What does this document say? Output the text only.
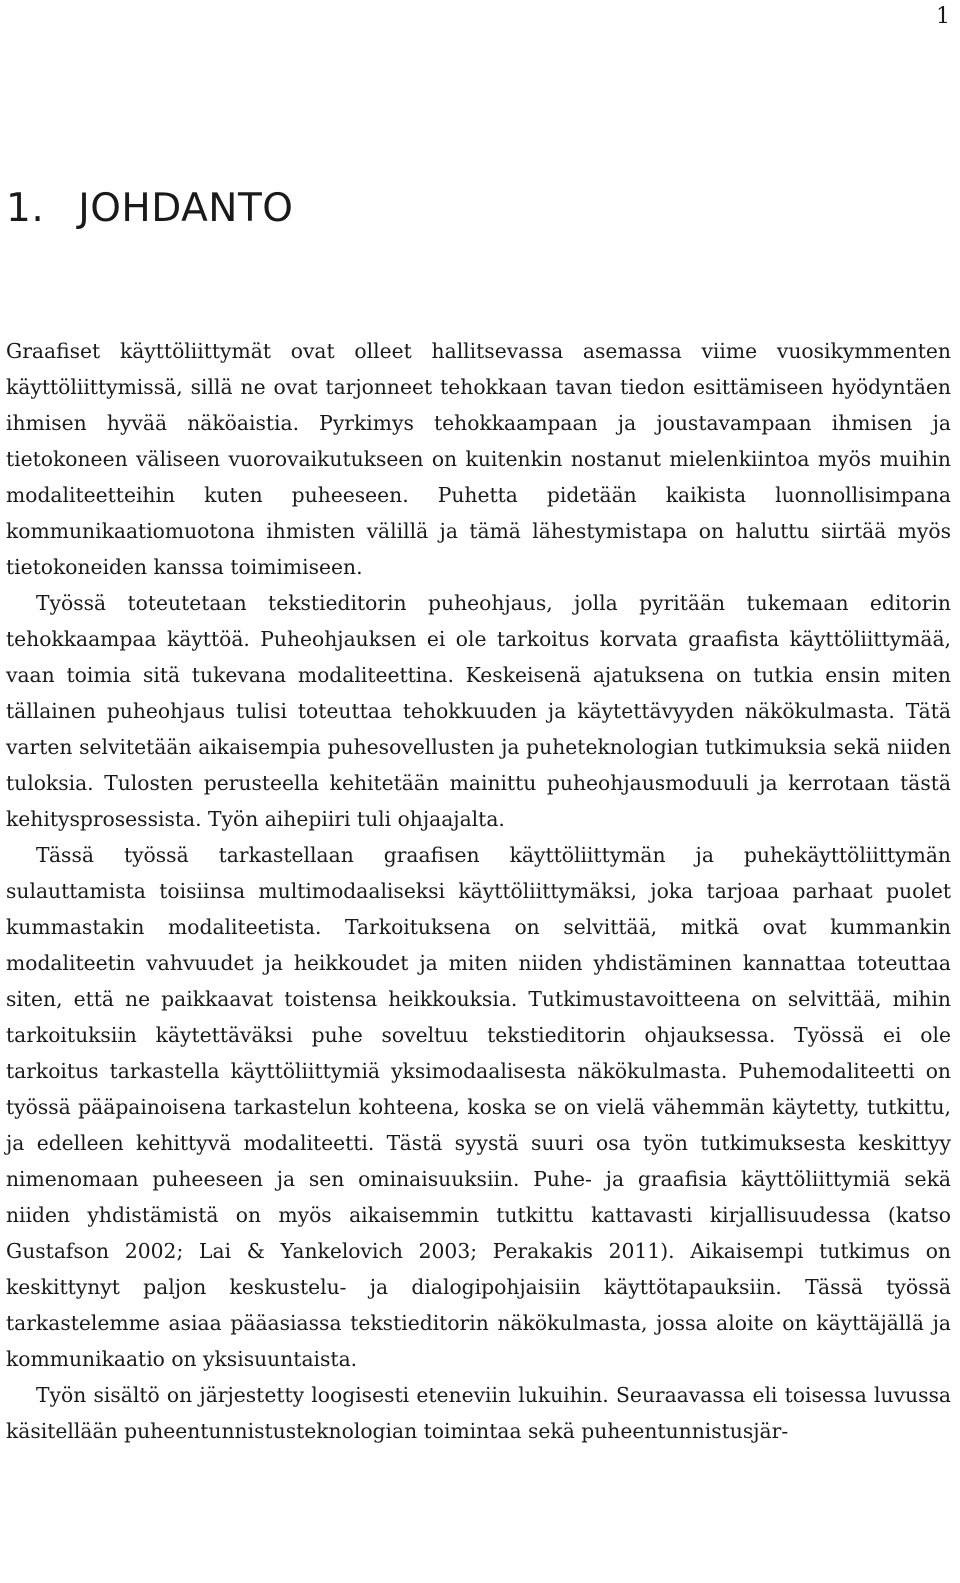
1
1. JOHDANTO

Graafiset käyttöliittymät ovat olleet hallitsevassa asemassa viime vuosikymmenten käyttöliittymissä, sillä ne ovat tarjonneet tehokkaan tavan tiedon esittämiseen hyödyntäen ihmisen hyvää näköaistia. Pyrkimys tehokkaampaan ja joustavampaan ihmisen ja tietokoneen väliseen vuorovaikutukseen on kuitenkin nostanut mielenkiintoa myös muihin modaliteetteihin kuten puheeseen. Puhetta pidetään kaikista luonnollisimpana kommunikaatiomuotona ihmisten välillä ja tämä lähestymistapa on haluttu siirtää myös tietokoneiden kanssa toimimiseen.

Työssä toteutetaan tekstieditorin puheohjaus, jolla pyritään tukemaan editorin tehokkaampaa käyttöä. Puheohjauksen ei ole tarkoitus korvata graafista käyttöliittymää, vaan toimia sitä tukevana modaliteettina. Keskeisenä ajatuksena on tutkia ensin miten tällainen puheohjaus tulisi toteuttaa tehokkuuden ja käytettävyyden näkökulmasta. Tätä varten selvitetään aikaisempia puhesovellusten ja puheteknologian tutkimuksia sekä niiden tuloksia. Tulosten perusteella kehitetään mainittu puheohjausmoduuli ja kerrotaan tästä kehitysprosessista. Työn aihepiiri tuli ohjaajalta.

Tässä työssä tarkastellaan graafisen käyttöliittymän ja puhekäyttöliittymän sulauttamista toisiinsa multimodaaliseksi käyttöliittymäksi, joka tarjoaa parhaat puolet kummastakin modaliteetista. Tarkoituksena on selvittää, mitkä ovat kummankin modaliteetin vahvuudet ja heikkoudet ja miten niiden yhdistäminen kannattaa toteuttaa siten, että ne paikkaavat toistensa heikkouksia. Tutkimustavoitteena on selvittää, mihin tarkoituksiin käytettäväksi puhe soveltuu tekstieditorin ohjauksessa. Työssä ei ole tarkoitus tarkastella käyttöliittymiä yksimodaalisesta näkökulmasta. Puhemodaliteetti on työssä pääpainoisena tarkastelun kohteena, koska se on vielä vähemmän käytetty, tutkittu, ja edelleen kehittyvä modaliteetti. Tästä syystä suuri osa työn tutkimuksesta keskittyy nimenomaan puheeseen ja sen ominaisuuksiin. Puhe- ja graafisia käyttöliittymiä sekä niiden yhdistämistä on myös aikaisemmin tutkittu kattavasti kirjallisuudessa (katso Gustafson 2002; Lai & Yankelovich 2003; Perakakis 2011). Aikaisempi tutkimus on keskittynyt paljon keskustelu- ja dialogipohjaisiin käyttötapauksiin. Tässä työssä tarkastelemme asiaa pääasiassa tekstieditorin näkökulmasta, jossa aloite on käyttäjällä ja kommunikaatio on yksisuuntaista.

Työn sisältö on järjestetty loogisesti eteneviin lukuihin. Seuraavassa eli toisessa luvussa käsitellään puheentunnistusteknologian toimintaa sekä puheentunnistusjär-
